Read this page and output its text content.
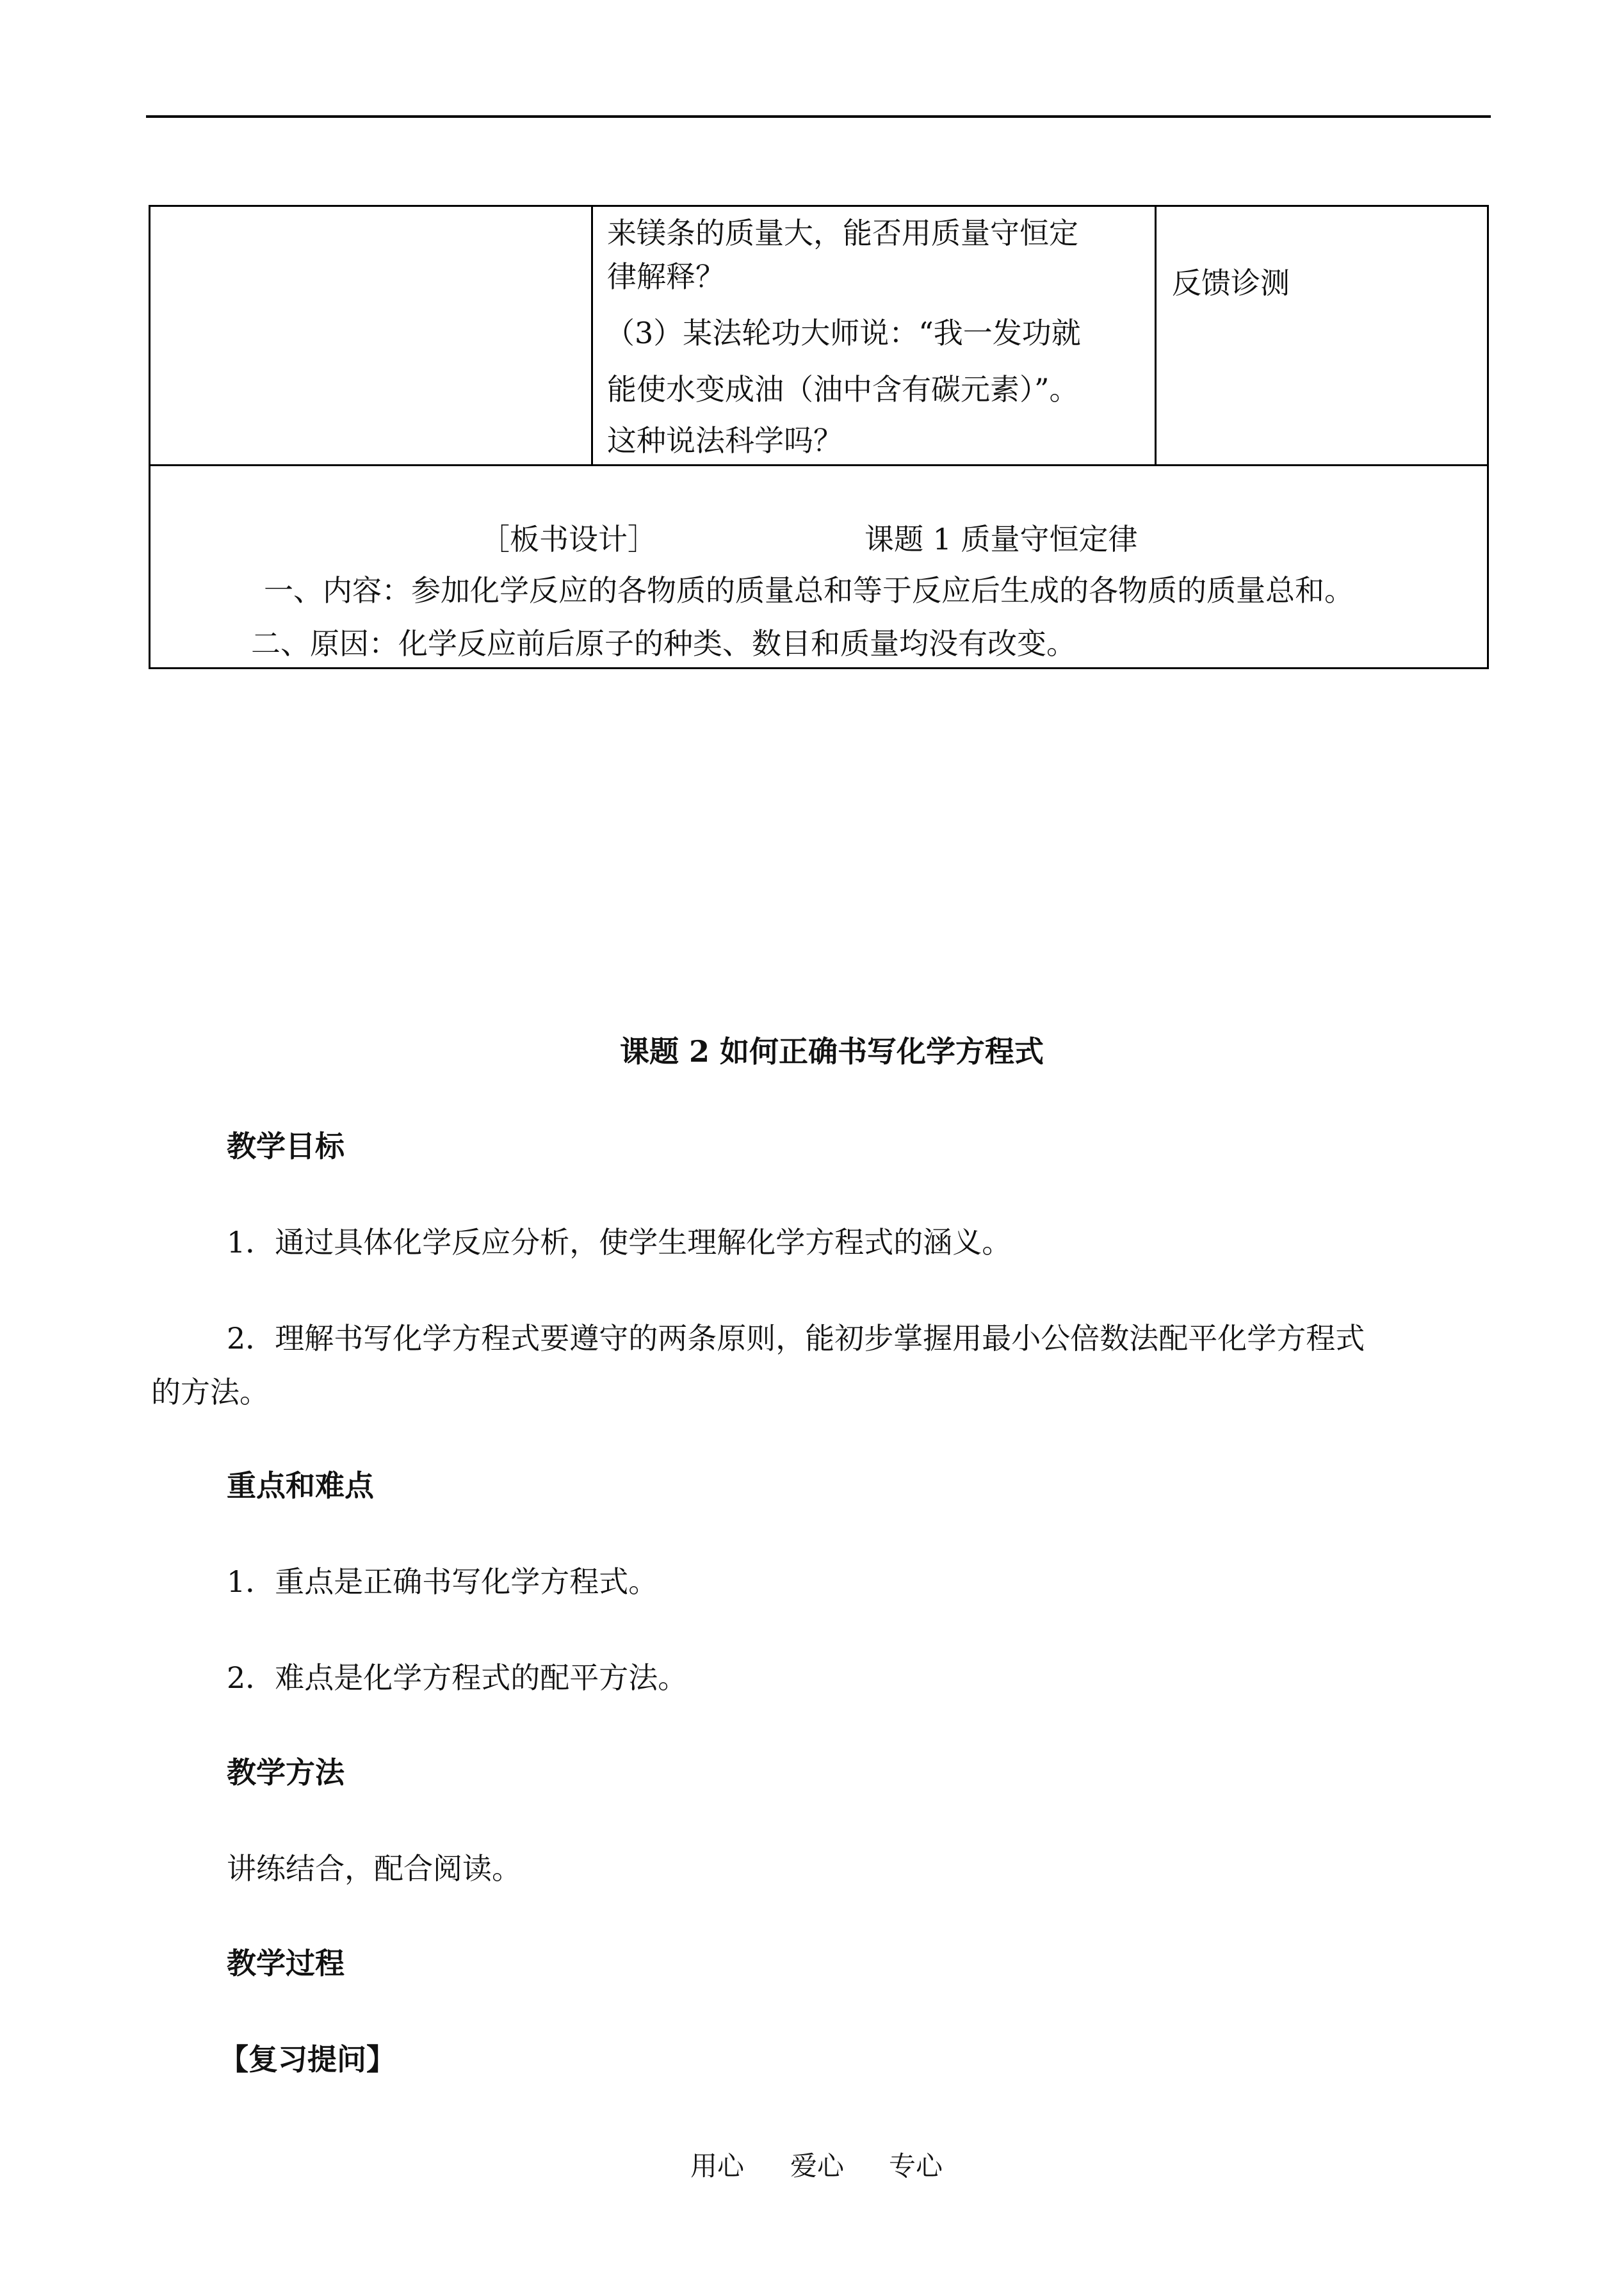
来镁条的质量大，能否用质量守恒定
律解释？
（3）某法轮功大师说：“我一发功就
能使水变成油（油中含有碳元素）”。
这种说法科学吗？
反馈诊测
［板书设计］	课题 1 质量守恒定律
一、内容：参加化学反应的各物质的质量总和等于反应后生成的各物质的质量总和。
二、原因：化学反应前后原子的种类、数目和质量均没有改变。
课题 2 如何正确书写化学方程式
教学目标
1．通过具体化学反应分析，使学生理解化学方程式的涵义。
2．理解书写化学方程式要遵守的两条原则，能初步掌握用最小公倍数法配平化学方程式
的方法。
重点和难点
1．重点是正确书写化学方程式。
2．难点是化学方程式的配平方法。
教学方法
讲练结合，配合阅读。
教学过程
【复习提问】
用心 爱心 专心
